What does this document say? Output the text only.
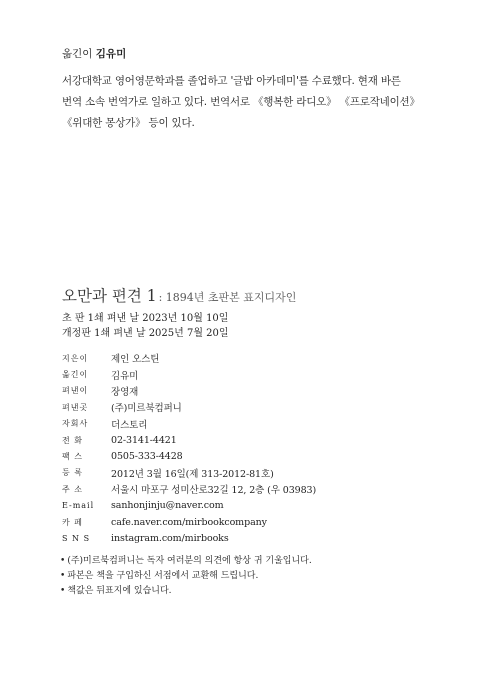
옮긴이 김유미
서강대학교 영어영문학과를 졸업하고 '글밥 아카데미'를 수료했다. 현재 바른
번역 소속 번역가로 일하고 있다. 번역서로 《행복한 라디오》 《프로작네이션》
《위대한 몽상가》 등이 있다.
오만과 편견 1 : 1894년 초판본 표지디자인
초 판 1쇄 펴낸 날 2023년 10월 10일
개정판 1쇄 펴낸 날 2025년 7월 20일
지은이	제인 오스틴
옮긴이	김유미
펴낸이	장영재
펴낸곳	(주)미르북컴퍼니
자회사	더스토리
전 화	02-3141-4421
팩 스	0505-333-4428
등 록	2012년 3월 16일(제 313-2012-81호)
주 소	서울시 마포구 성미산로32길 12, 2층 (우 03983)
E-mail	sanhonjinju@naver.com
카 페	cafe.naver.com/mirbookcompany
S N S	instagram.com/mirbooks
• (주)미르북컴퍼니는 독자 여러분의 의견에 항상 귀 기울입니다.
• 파본은 책을 구입하신 서점에서 교환해 드립니다.
• 책값은 뒤표지에 있습니다.
